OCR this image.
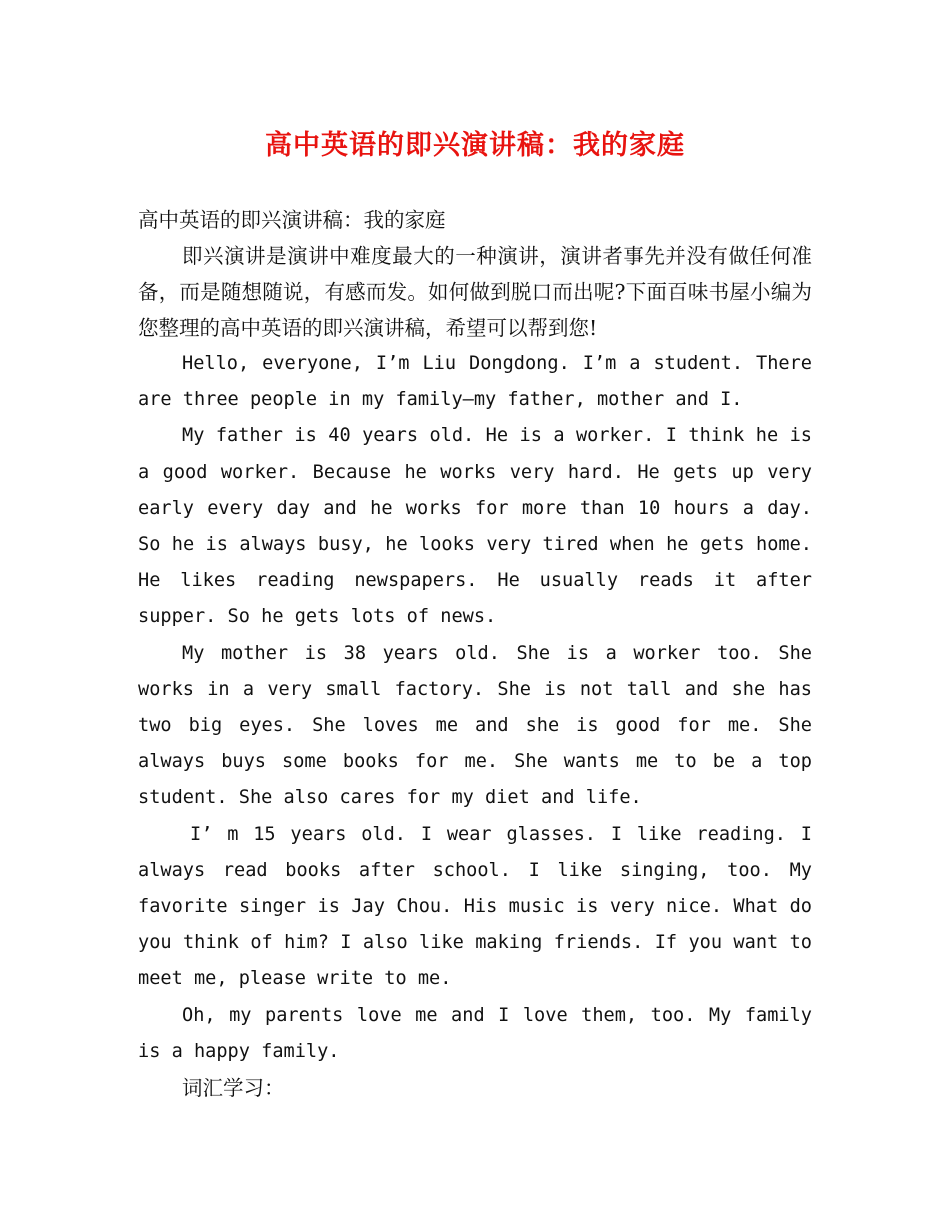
高中英语的即兴演讲稿：我的家庭

高中英语的即兴演讲稿：我的家庭

即兴演讲是演讲中难度最大的一种演讲，演讲者事先并没有做任何准备，而是随想随说，有感而发。如何做到脱口而出呢?下面百味书屋小编为您整理的高中英语的即兴演讲稿，希望可以帮到您!

Hello, everyone, I’m Liu Dongdong. I’m a student. There are three people in my family—my father, mother and I.

My father is 40 years old. He is a worker. I think he is a good worker. Because he works very hard. He gets up very early every day and he works for more than 10 hours a day. So he is always busy, he looks very tired when he gets home. He likes reading newspapers. He usually reads it after supper. So he gets lots of news.

My mother is 38 years old. She is a worker too. She works in a very small factory. She is not tall and she has two big eyes. She loves me and she is good for me. She always buys some books for me. She wants me to be a top student. She also cares for my diet and life.

I’ m 15 years old. I wear glasses. I like reading. I always read books after school. I like singing, too. My favorite singer is Jay Chou. His music is very nice. What do you think of him? I also like making friends. If you want to meet me, please write to me.

Oh, my parents love me and I love them, too. My family is a happy family.

词汇学习：
